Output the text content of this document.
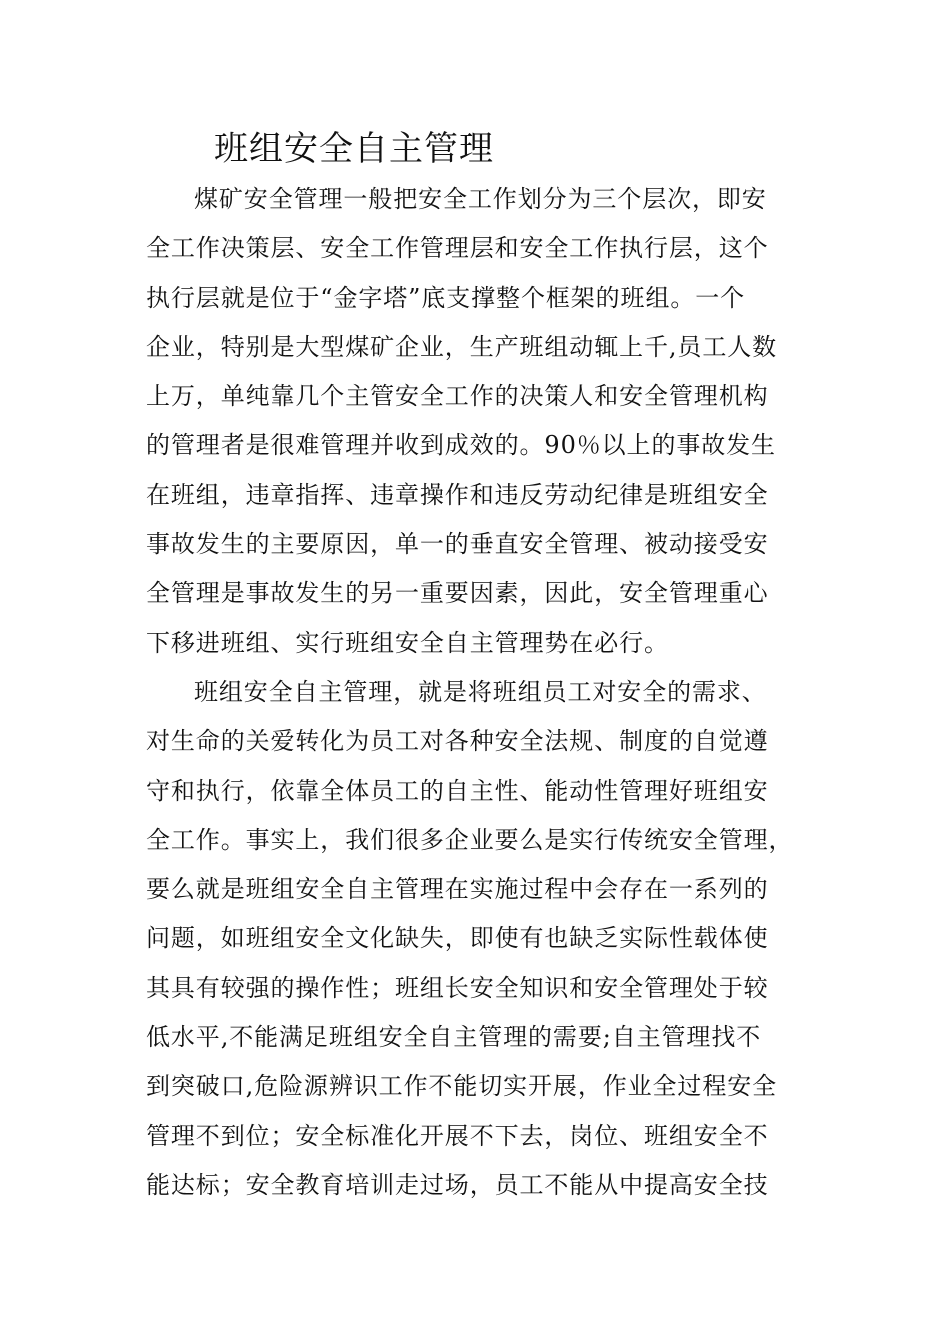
班组安全自主管理
煤矿安全管理一般把安全工作划分为三个层次，即安
全工作决策层、安全工作管理层和安全工作执行层，这个
执行层就是位于“金字塔”底支撑整个框架的班组。一个
企业，特别是大型煤矿企业，生产班组动辄上千,员工人数
上万，单纯靠几个主管安全工作的决策人和安全管理机构
的管理者是很难管理并收到成效的。90％以上的事故发生
在班组，违章指挥、违章操作和违反劳动纪律是班组安全
事故发生的主要原因，单一的垂直安全管理、被动接受安
全管理是事故发生的另一重要因素，因此，安全管理重心
下移进班组、实行班组安全自主管理势在必行。
班组安全自主管理，就是将班组员工对安全的需求、
对生命的关爱转化为员工对各种安全法规、制度的自觉遵
守和执行，依靠全体员工的自主性、能动性管理好班组安
全工作。事实上，我们很多企业要么是实行传统安全管理，
要么就是班组安全自主管理在实施过程中会存在一系列的
问题，如班组安全文化缺失，即使有也缺乏实际性载体使
其具有较强的操作性；班组长安全知识和安全管理处于较
低水平,不能满足班组安全自主管理的需要;自主管理找不
到突破口,危险源辨识工作不能切实开展，作业全过程安全
管理不到位；安全标准化开展不下去，岗位、班组安全不
能达标；安全教育培训走过场，员工不能从中提高安全技
